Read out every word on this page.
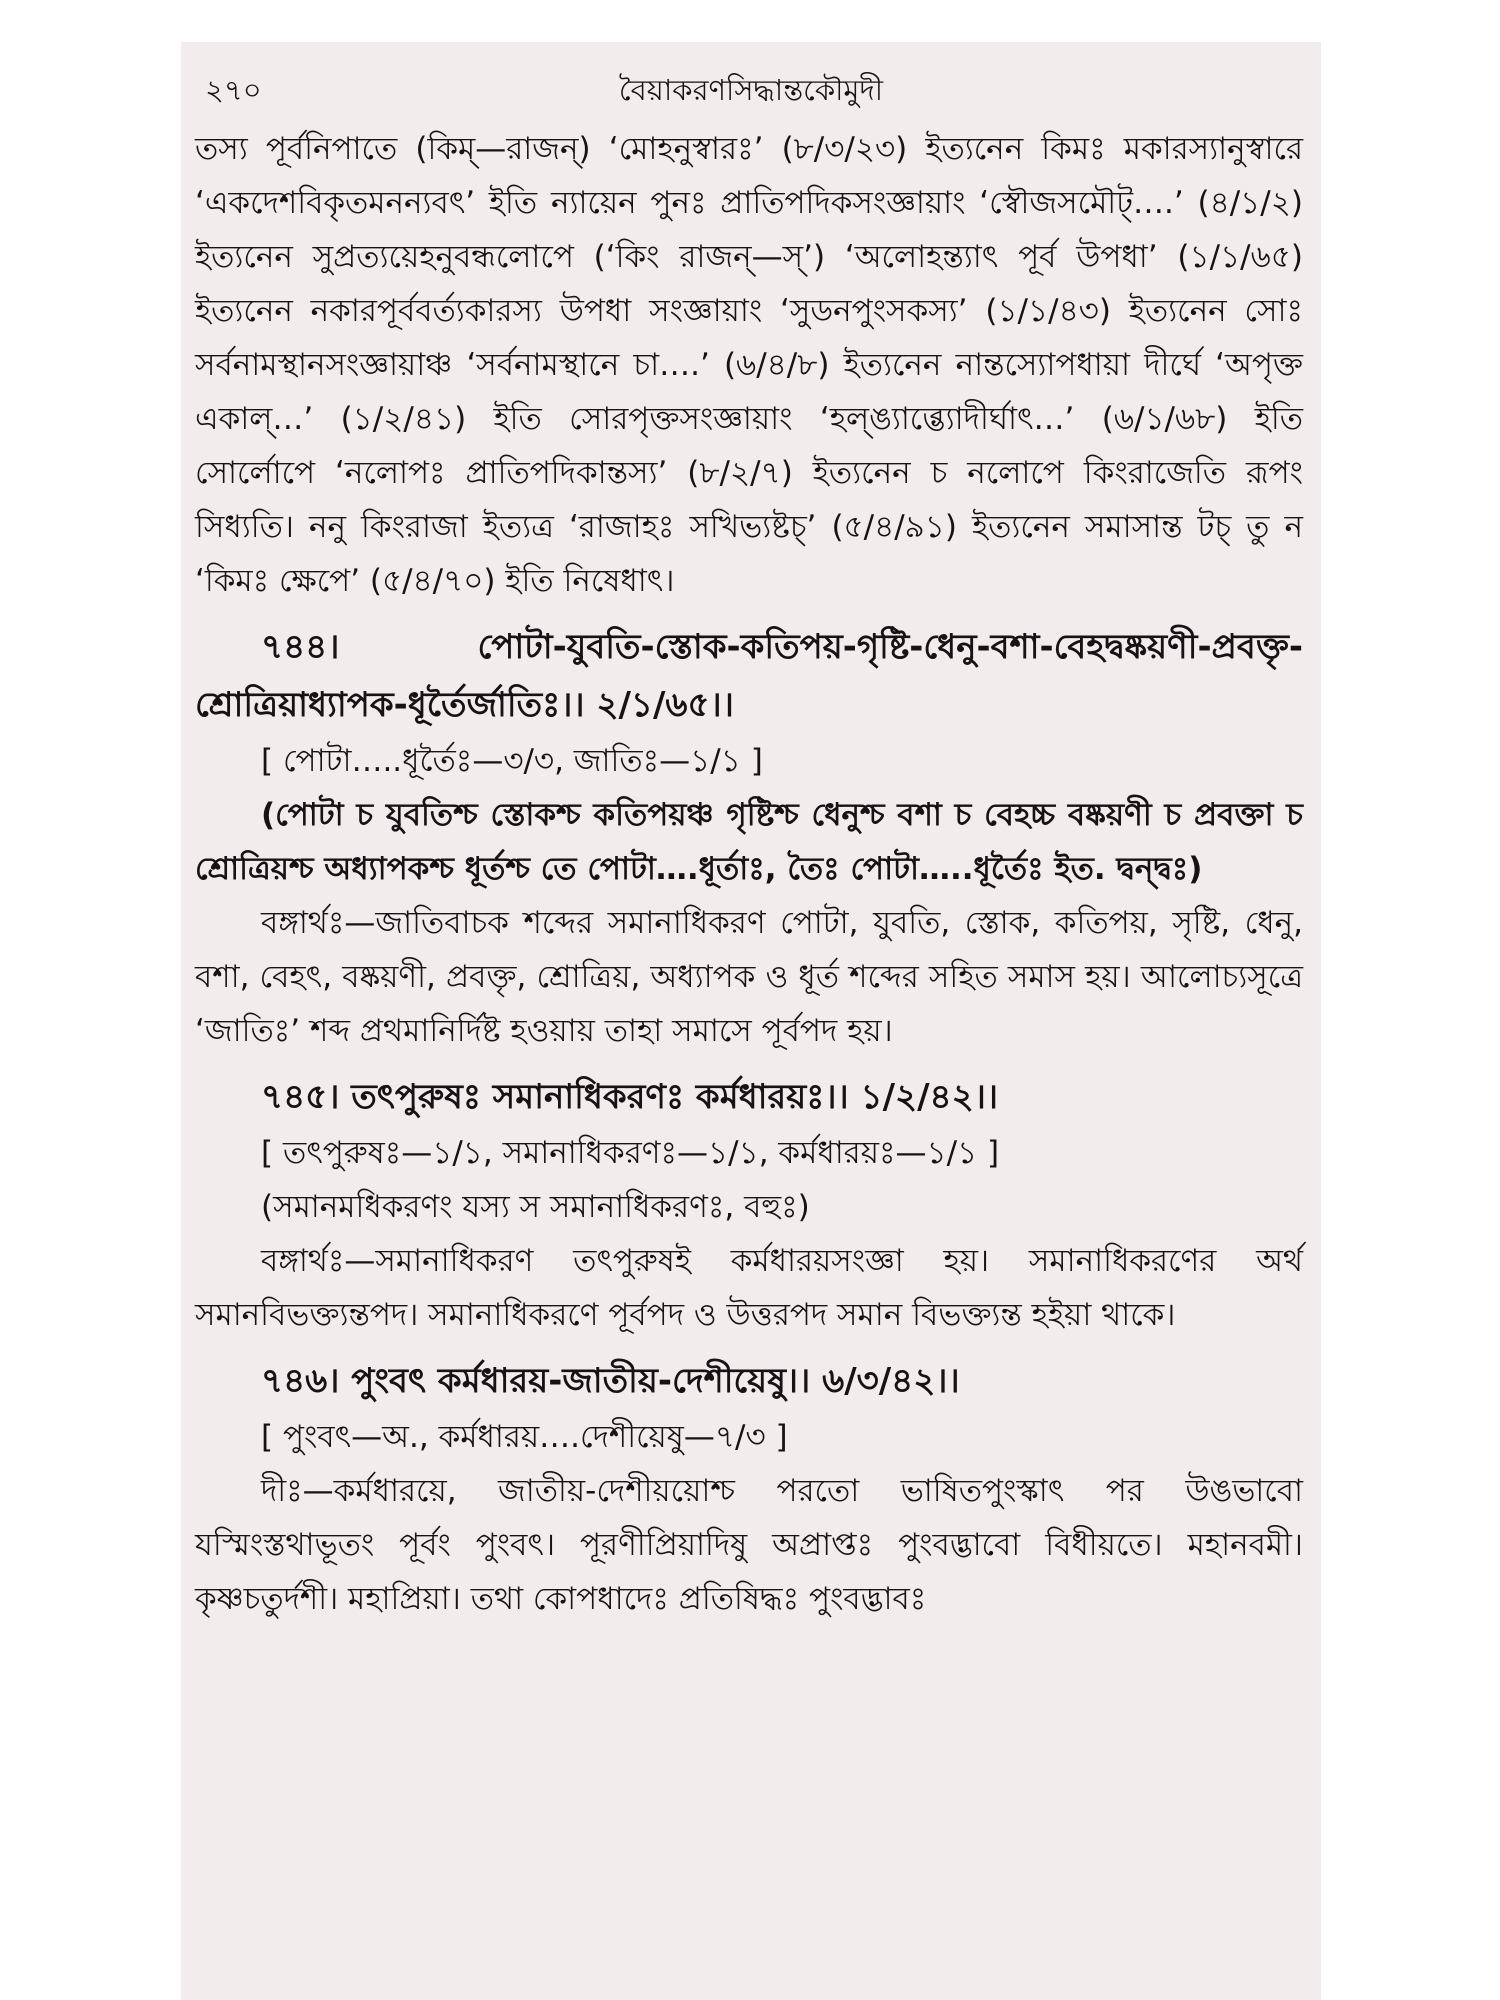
২৭০	বৈয়াকরণসিদ্ধান্তকৌমুদী

তস্য পূর্বনিপাতে (কিম্—রাজন্) ‘মোহনুস্বারঃ’ (৮/৩/২৩) ইত্যনেন কিমঃ মকারস্যানুস্বারে ‘একদেশবিকৃতমনন্যবৎ’ ইতি ন্যায়েন পুনঃ প্রাতিপদিকসংজ্ঞায়াং ‘স্বৌজসমৌট্….’ (৪/১/২) ইত্যনেন সুপ্রত্যয়েহনুবন্ধলোপে (‘কিং রাজন্—স্’) ‘অলোহন্ত্যাৎ পূর্ব উপধা’ (১/১/৬৫) ইত্যনেন নকারপূর্ববর্ত্যকারস্য উপধা সংজ্ঞায়াং ‘সুডনপুংসকস্য’ (১/১/৪৩) ইত্যনেন সোঃ সর্বনামস্থানসংজ্ঞায়াঞ্চ ‘সর্বনামস্থানে চা….’ (৬/৪/৮) ইত্যনেন নান্তস্যোপধায়া দীর্ঘে ‘অপৃক্ত একাল্…’ (১/২/৪১) ইতি সোরপৃক্তসংজ্ঞায়াং ‘হল্ঙ্যাব্ভ্যোদীর্ঘাৎ…’ (৬/১/৬৮) ইতি সোর্লোপে ‘নলোপঃ প্রাতিপদিকান্তস্য’ (৮/২/৭) ইত্যনেন চ নলোপে কিংরাজেতি রূপং সিধ্যতি। ননু কিংরাজা ইত্যত্র ‘রাজাহঃ সখিভ্যষ্টচ্’ (৫/৪/৯১) ইত্যনেন সমাসান্ত টচ্ তু ন ‘কিমঃ ক্ষেপে’ (৫/৪/৭০) ইতি নিষেধাৎ।

৭৪৪। পোটা-যুবতি-স্তোক-কতিপয়-গৃষ্টি-ধেনু-বশা-বেহদ্বষ্কয়ণী-প্রবক্তৃ-শ্রোত্রিয়াধ্যাপক-ধূর্তৈর্জাতিঃ।। ২/১/৬৫।।

[ পোটা…..ধূর্তৈঃ—৩/৩, জাতিঃ—১/১ ]

(পোটা চ যুবতিশ্চ স্তোকশ্চ কতিপয়ঞ্চ গৃষ্টিশ্চ ধেনুশ্চ বশা চ বেহচ্চ বষ্কয়ণী চ প্রবক্তা চ শ্রোত্রিয়শ্চ অধ্যাপকশ্চ ধূর্তশ্চ তে পোটা….ধূর্তাঃ, তৈঃ পোটা…..ধূর্তৈঃ ইত. দ্বন্দ্বঃ)

বঙ্গার্থঃ—জাতিবাচক শব্দের সমানাধিকরণ পোটা, যুবতি, স্তোক, কতিপয়, সৃষ্টি, ধেনু, বশা, বেহৎ, বষ্কয়ণী, প্রবক্তৃ, শ্রোত্রিয়, অধ্যাপক ও ধূর্ত শব্দের সহিত সমাস হয়। আলোচ্যসূত্রে ‘জাতিঃ’ শব্দ প্রথমানির্দিষ্ট হওয়ায় তাহা সমাসে পূর্বপদ হয়।

৭৪৫। তৎপুরুষঃ সমানাধিকরণঃ কর্মধারয়ঃ।। ১/২/৪২।।

[ তৎপুরুষঃ—১/১, সমানাধিকরণঃ—১/১, কর্মধারয়ঃ—১/১ ]

(সমানমধিকরণং যস্য স সমানাধিকরণঃ, বহুঃ)

বঙ্গার্থঃ—সমানাধিকরণ তৎপুরুষই কর্মধারয়সংজ্ঞা হয়। সমানাধিকরণের অর্থ সমানবিভক্ত্যন্তপদ। সমানাধিকরণে পূর্বপদ ও উত্তরপদ সমান বিভক্ত্যন্ত হইয়া থাকে।

৭৪৬। পুংবৎ কর্মধারয়-জাতীয়-দেশীয়েষু।। ৬/৩/৪২।।

[ পুংবৎ—অ., কর্মধারয়….দেশীয়েষু—৭/৩ ]

দীঃ—কর্মধারয়ে, জাতীয়-দেশীয়য়োশ্চ পরতো ভাষিতপুংস্কাৎ পর উঙভাবো যস্মিংস্তথাভূতং পূর্বং পুংবৎ। পূরণীপ্রিয়াদিষু অপ্রাপ্তঃ পুংবদ্ভাবো বিধীয়তে। মহানবমী। কৃষ্ণচতুর্দশী। মহাপ্রিয়া। তথা কোপধাদেঃ প্রতিষিদ্ধঃ পুংবদ্ভাবঃ
